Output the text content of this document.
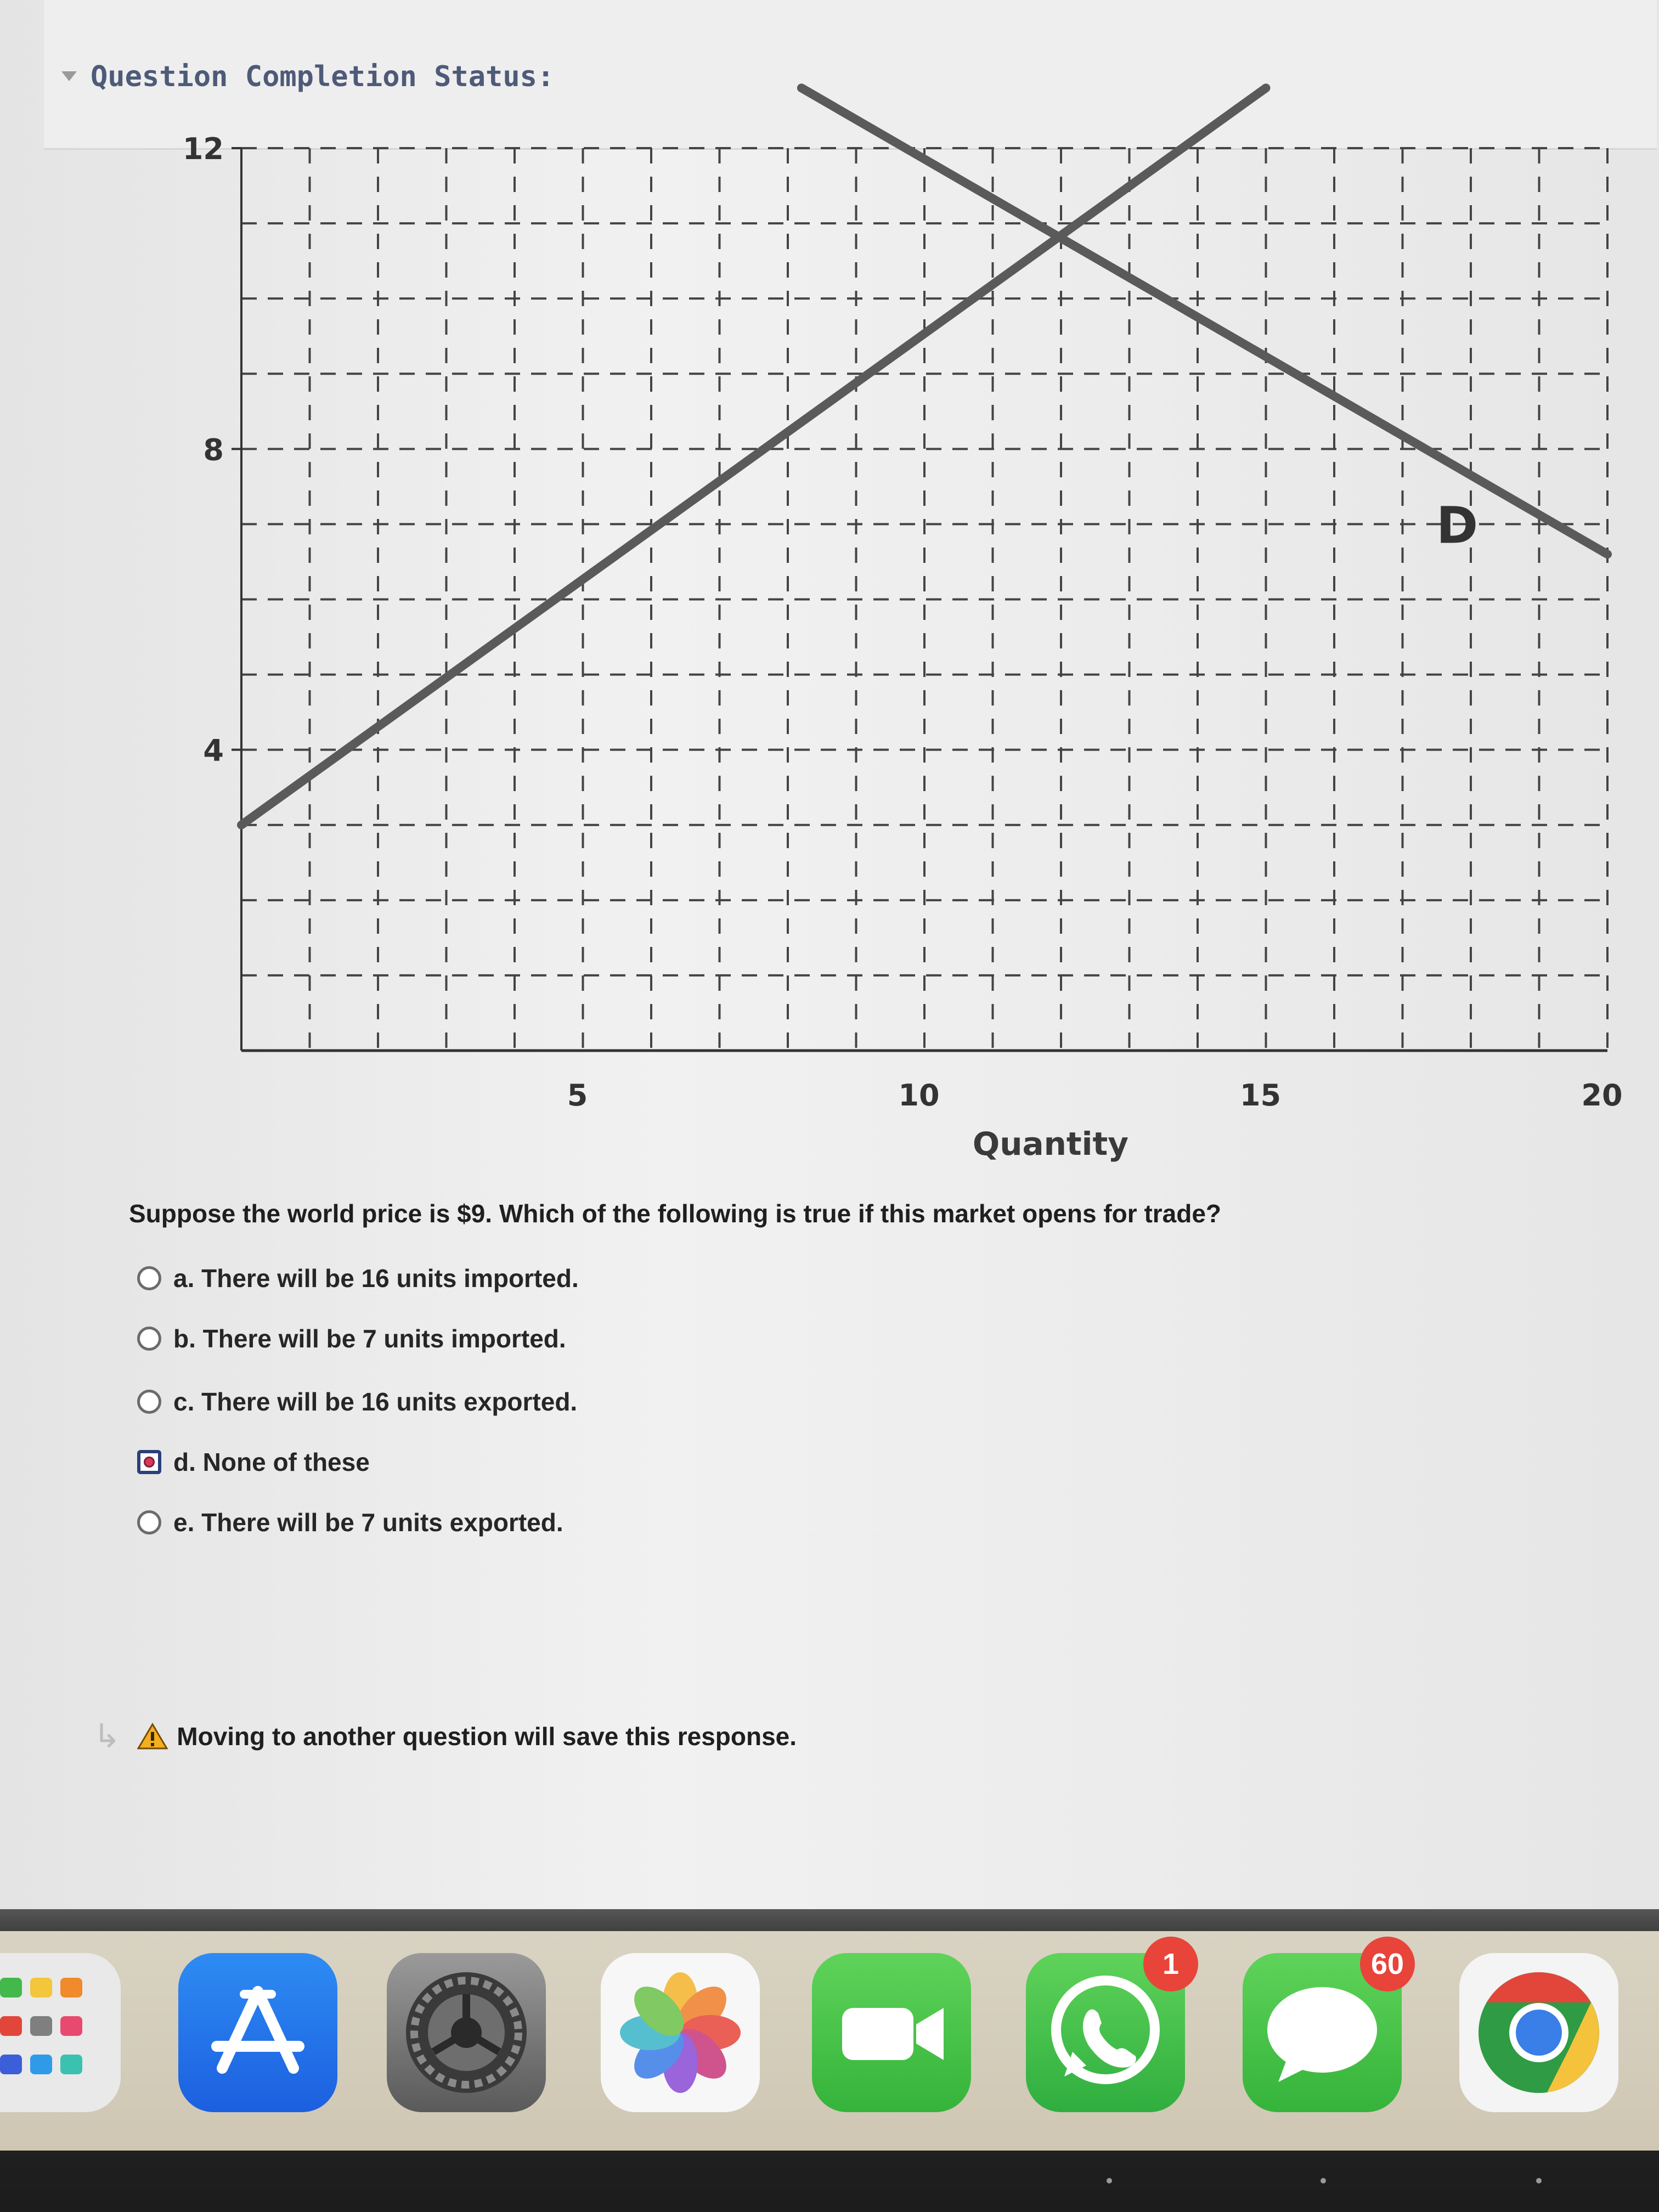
Question Completion Status:
4
8
12
5	10	15	20
Quantity
D
Suppose the world price is $9. Which of the following is true if this market opens for trade?
a. There will be 16 units imported.
b. There will be 7 units imported.
c. There will be 16 units exported.
d. None of these
e. There will be 7 units exported.
↳ Moving to another question will save this response.
1	60
